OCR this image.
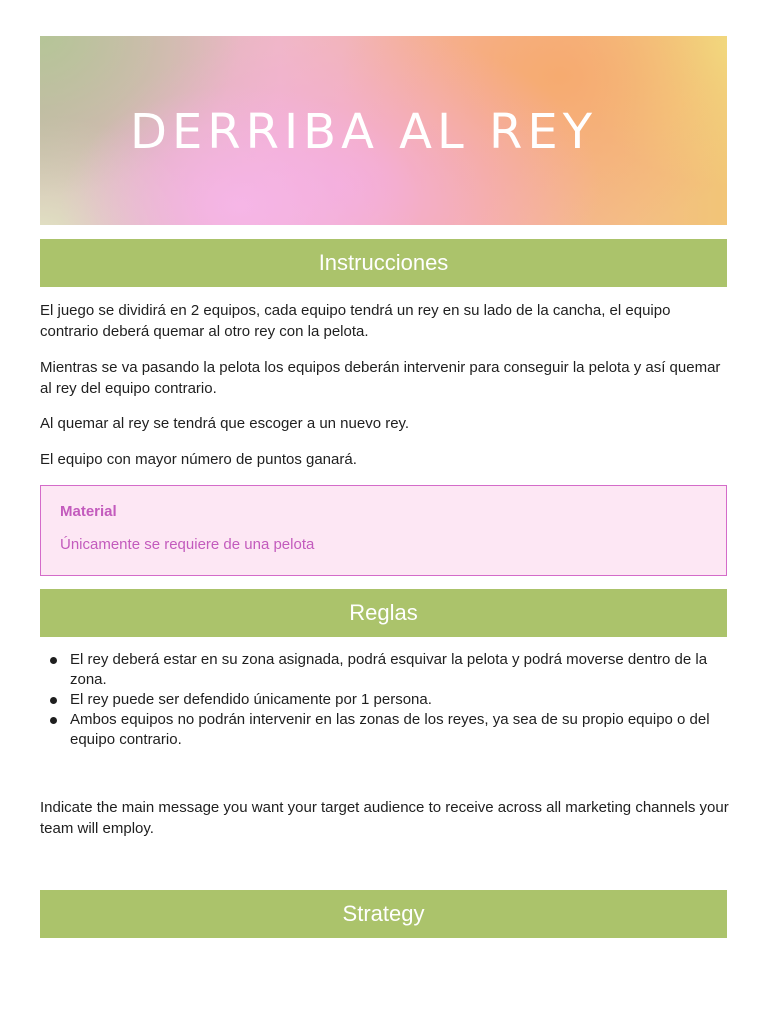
DERRIBA AL REY
Instrucciones

El juego se dividirá en 2 equipos, cada equipo tendrá un rey en su lado de la cancha, el equipo contrario deberá quemar al otro rey con la pelota.

Mientras se va pasando la pelota los equipos deberán intervenir para conseguir la pelota y así quemar al rey del equipo contrario.

Al quemar al rey se tendrá que escoger a un nuevo rey.

El equipo con mayor número de puntos ganará.

Material
Únicamente se requiere de una pelota
Reglas
El rey deberá estar en su zona asignada, podrá esquivar la pelota y podrá moverse dentro de la zona.
El rey puede ser defendido únicamente por 1 persona.
Ambos equipos no podrán intervenir en las zonas de los reyes, ya sea de su propio equipo o del equipo contrario.

Indicate the main message you want your target audience to receive across all marketing channels your team will employ.

Strategy
